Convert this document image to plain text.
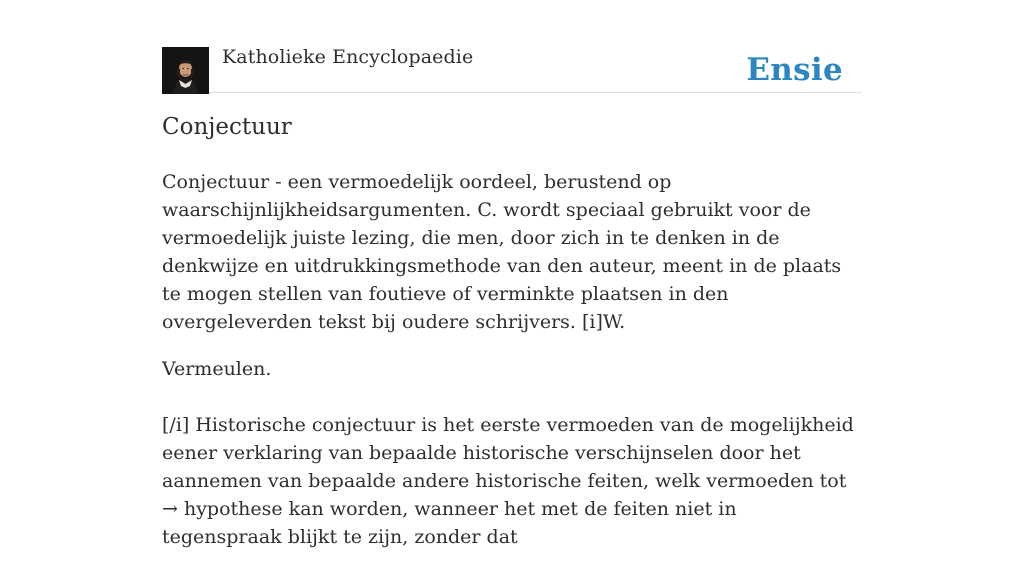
Katholieke Encyclopaedie	Ensie
Conjectuur

Conjectuur - een vermoedelijk oordeel, berustend op waarschijnlijkheidsargumenten. C. wordt speciaal gebruikt voor de vermoedelijk juiste lezing, die men, door zich in te denken in de denkwijze en uitdrukkingsmethode van den auteur, meent in de plaats te mogen stellen van foutieve of verminkte plaatsen in den overgeleverden tekst bij oudere schrijvers. [i]W.

Vermeulen.

[/i] Historische conjectuur is het eerste vermoeden van de mogelijkheid eener verklaring van bepaalde historische verschijnselen door het aannemen van bepaalde andere historische feiten, welk vermoeden tot → hypothese kan worden, wanneer het met de feiten niet in tegenspraak blijkt te zijn, zonder dat
